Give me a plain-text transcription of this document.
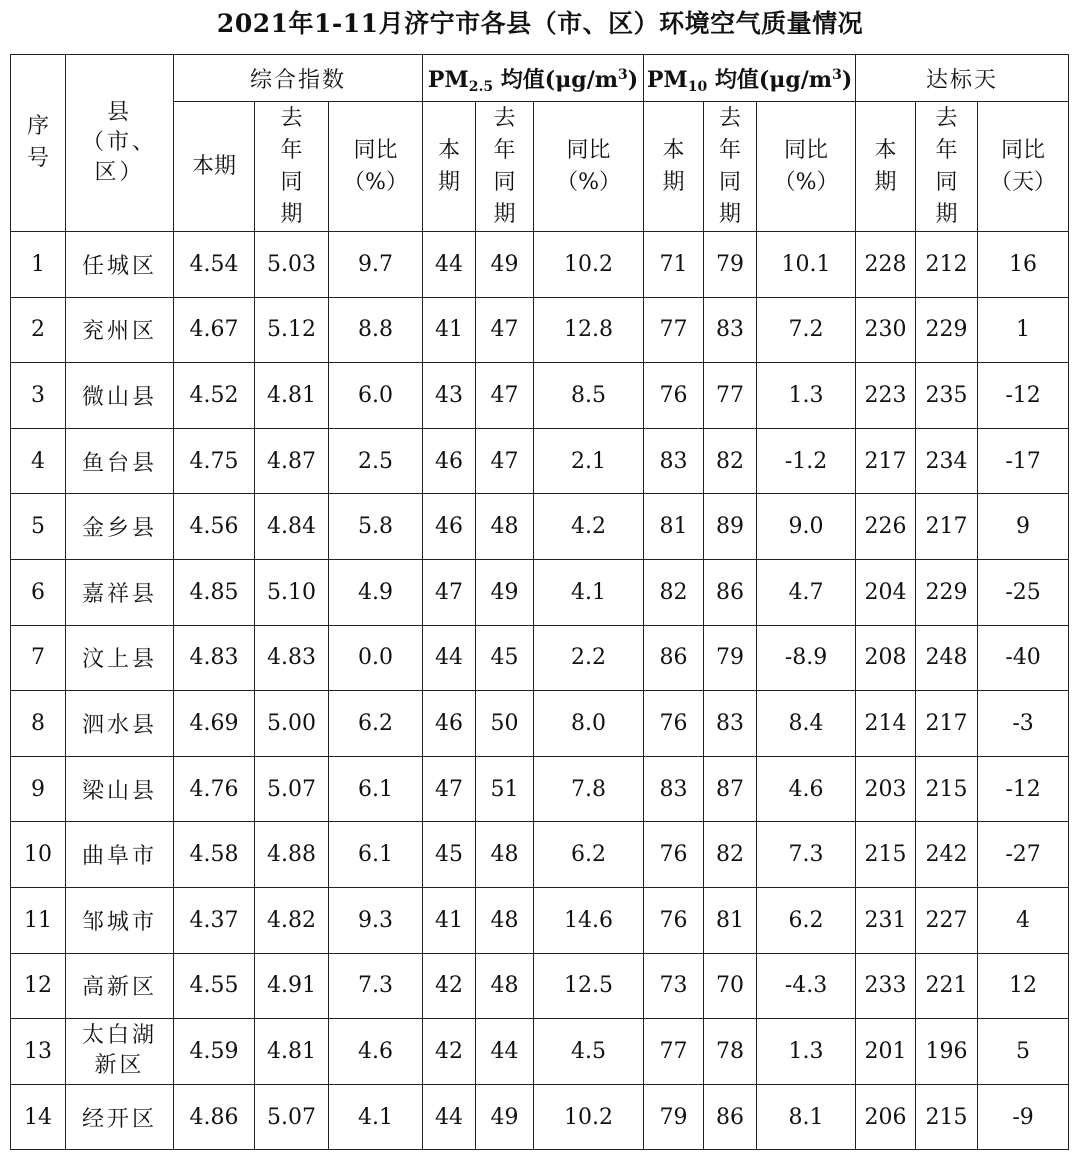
2021年1-11月济宁市各县（市、区）环境空气质量情况
序号	县（市、区）	综合指数			$PM_{2.5}$ 均值$(\mu g/m^3)$			$PM_{10}$ 均值$(\mu g/m^3)$			达标天		
		本期	去年同期	同比（%）	本期	去年同期	同比（%）	本期	去年同期	同比（%）	本期	去年同期	同比（天）
1	任城区	4.54	5.03	9.7	44	49	10.2	71	79	10.1	228	212	16
2	兖州区	4.67	5.12	8.8	41	47	12.8	77	83	7.2	230	229	1
3	微山县	4.52	4.81	6.0	43	47	8.5	76	77	1.3	223	235	-12
4	鱼台县	4.75	4.87	2.5	46	47	2.1	83	82	-1.2	217	234	-17
5	金乡县	4.56	4.84	5.8	46	48	4.2	81	89	9.0	226	217	9
6	嘉祥县	4.85	5.10	4.9	47	49	4.1	82	86	4.7	204	229	-25
7	汶上县	4.83	4.83	0.0	44	45	2.2	86	79	-8.9	208	248	-40
8	泗水县	4.69	5.00	6.2	46	50	8.0	76	83	8.4	214	217	-3
9	梁山县	4.76	5.07	6.1	47	51	7.8	83	87	4.6	203	215	-12
10	曲阜市	4.58	4.88	6.1	45	48	6.2	76	82	7.3	215	242	-27
11	邹城市	4.37	4.82	9.3	41	48	14.6	76	81	6.2	231	227	4
12	高新区	4.55	4.91	7.3	42	48	12.5	73	70	-4.3	233	221	12
13	太白湖新区	4.59	4.81	4.6	42	44	4.5	77	78	1.3	201	196	5
14	经开区	4.86	5.07	4.1	44	49	10.2	79	86	8.1	206	215	-9
